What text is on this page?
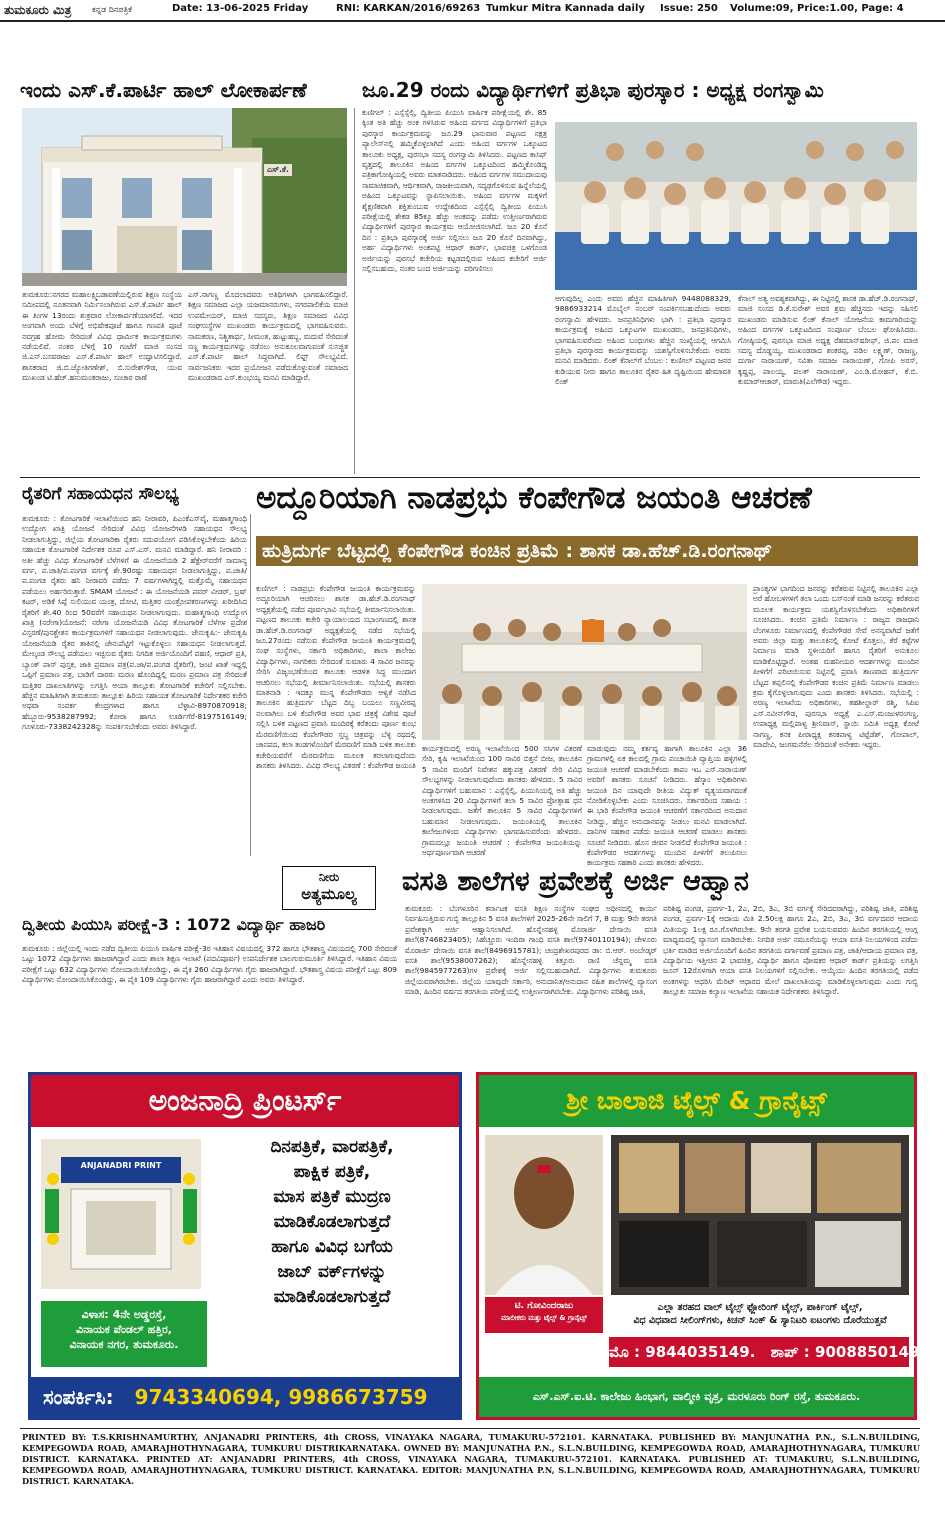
ತುಮಕೂರು ಮಿತ್ರ	ಕನ್ನಡ ದಿನಪತ್ರಿಕೆ	Date: 13-06-2025 Friday	RNI: KARKAN/2016/69263 Tumkur Mitra Kannada daily Issue: 250 Volume:09, Price:1.00, Page: 4
ಇಂದು ಎಸ್.ಕೆ.ಪಾರ್ಟಿ ಹಾಲ್ ಲೋಕಾರ್ಪಣೆ	ಜೂ.29 ರಂದು ವಿದ್ಯಾರ್ಥಿಗಳಿಗೆ ಪ್ರತಿಭಾ ಪುರಸ್ಕಾರ : ಅಧ್ಯಕ್ಷ ರಂಗಸ್ವಾಮಿ
ಎಸ್.ಕೆ.
ತುಮಕೂರು:ನಗರದ ಮಹಾಲಕ್ಷ್ಮಿಬಡಾವಣೆಯಲ್ಲಿರುವ ಶಿಕ್ಷಣ ಸಂಸ್ಥೆಯ ಸಮೀಪದಲ್ಲಿ ನೂತನವಾಗಿ ನಿರ್ಮಿಸಲಾಗಿರುವ ಎಸ್.ಕೆ.ಪಾರ್ಟಿ ಹಾಲ್ ಈ ತಿಂಗಳ 13ರಂದು ಶುಕ್ರವಾರ ಲೋಕಾರ್ಪಣೆಯಾಗಲಿದೆ. ಇದರ ಅಂಗವಾಗಿ ಅಂದು ಬೆಳಿಗ್ಗೆ ಅಭಿಷೇಕಪೂಜೆ ಹಾಗೂ ಗಣಪತಿ ಪೂಜೆ ನವಗ್ರಹ ಹೋಮ ಸೇರಿದಂತೆ ವಿವಿಧ ಧಾರ್ಮಿಕ ಕಾರ್ಯಕ್ರಮಗಳು ನಡೆಯಲಿವೆ. ನಂತರ ಬೆಳಿಗ್ಗೆ 10 ಗಂಟೆಗೆ ಮಾಜಿ ಸಂಸದ ಜಿ.ಎಸ್.ಬಸವರಾಜು ಎಸ್.ಕೆ.ಪಾರ್ಟಿ ಹಾಲ್ ಉದ್ಘಾಟಿಸಲಿದ್ದಾರೆ. ಶಾಸಕರಾದ ಜಿ.ಬಿ.ಜ್ಯೋತಿಗಣೇಶ್, ಬಿ.ಸುರೇಶ್‌ಗೌಡ, ಯುವ ಮುಖಂಡ ಟಿ.ಹೆಚ್.ಹನುಮಂತರಾಜು, ಸಂಚಾರ ಠಾಣೆ
ಎಸ್.ನಾಗಣ್ಣ ಮೊದಲಾದವರು ಅತಿಥಿಗಳಾಗಿ ಭಾಗವಹಿಸಲಿದ್ದಾರೆ. ಶಿಕ್ಷಣ ಸಮಾಜದ ಎಲ್ಲಾ ಯಜಮಾನರುಗಳು, ನಗರಪಾಲಿಕೆಯ ಮಾಜಿ ಉಪಮೇಯರ್, ಮಾಜಿ ಸದಸ್ಯರು, ಶಿಕ್ಷಣ ಸಮಾಜದ ವಿವಿಧ ಸಂಘಸಂಸ್ಥೆಗಳ ಮುಖಂಡರು ಕಾರ್ಯಕ್ರಮದಲ್ಲಿ ಭಾಗವಹಿಸುವರು. ನಾಮಕರಣ, ನಿಶ್ಚಿತಾರ್ಥ, ಸೀಮಂತ, ಹುಟ್ಟುಹಬ್ಬ, ಮದುವೆ ಸೇರಿದಂತೆ ಸಣ್ಣ ಕಾರ್ಯಕ್ರಮಗಳನ್ನು ನಡೆಸಲು ಅನುಕೂಲವಾಗುವಂತೆ ಸುಸಜ್ಜಿತ ಎಸ್.ಕೆ.ಪಾರ್ಟಿ ಹಾಲ್ ಸಿದ್ಧವಾಗಿದೆ. ಲಿಫ್ಟ್ ಸೌಲಭ್ಯವಿದೆ. ಸಾರ್ವಜನಿಕರು ಇದರ ಪ್ರಯೋಜನ ಪಡೆದುಕೊಳ್ಳುವಂತೆ ಸಮಾಜದ ಮುಖಂಡರಾದ ಎಸ್.ಕುಂಭಯ್ಯ ಮನವಿ ಮಾಡಿದ್ದಾರೆ.
ಕುಣಿಗಲ್ : ಎಸ್ಸೆಸ್ಸೆಲ್ಸಿ, ದ್ವಿತೀಯ ಪಿಯುಸಿ ವಾರ್ಷಿಕ ಪರೀಕ್ಷೆಯಲ್ಲಿ ಶೇ. 85 ಕ್ಕಿಂತ ಅತಿ ಹೆಚ್ಚು ಅಂಕ ಗಳಿಸಿರುವ ಅಹಿಂದ ವರ್ಗದ ವಿದ್ಯಾರ್ಥಿಗಳಿಗೆ ಪ್ರತಿಭಾ ಪುರಸ್ಕಾರ ಕಾರ್ಯಕ್ರಮವನ್ನು ಜೂ.29 ಭಾನುವಾರ ಪಟ್ಟಣದ ನಕ್ಷತ್ರ ಪ್ಯಾಲೇಸ್‌ನಲ್ಲಿ ಹಮ್ಮಿಕೊಳ್ಳಲಾಗಿದೆ ಎಂದು ಅಹಿಂದ ವರ್ಗಗಳ ಒಕ್ಕೂಟದ ತಾಲೂಕು ಅಧ್ಯಕ್ಷ, ಪುರಸಭಾ ಸದಸ್ಯ ರಂಗಸ್ವಾಮಿ ತಿಳಿಸಿದರು. ಪಟ್ಟಣದ ಕಾಸಿಫ್ ವೃತ್ತದಲ್ಲಿ ತಾಲೂಕಿನ ಅಹಿಂದ ವರ್ಗಗಳ ಒಕ್ಕೂಟದಿಂದ ಹಮ್ಮಿಕೊಂಡಿದ್ದ ಪತ್ರಿಕಾಗೋಷ್ಠಿಯಲ್ಲಿ ಅವರು ಮಾತನಾಡಿದರು. ಅಹಿಂದ ವರ್ಗಗಳ ಸಮುದಾಯವು ಸಾಮಾಜಿಕವಾಗಿ, ಆರ್ಥಿಕವಾಗಿ, ರಾಜಕೀಯವಾಗಿ, ಸದೃಢಗೊಳಿಸುವ ಹಿನ್ನೆಲೆಯಲ್ಲಿ ಅಹಿಂದ ಒಕ್ಕೂಟವನ್ನು ಸ್ಥಾಪಿಸಲಾಯಿತು. ಅಹಿಂದ ವರ್ಗಗಳ ಮಕ್ಕಳಿಗೆ ಶೈಕ್ಷಣಿಕವಾಗಿ ಶಕ್ತಿತುಂಬುವ ಉದ್ದೇಶದಿಂದ ಎಸ್ಸೆಸ್ಸೆಲ್ಸಿ ದ್ವಿತೀಯ ಪಿಯುಸಿ ಪರೀಕ್ಷೆಯಲ್ಲಿ ಶೇಕಡ 85ಕ್ಕೂ ಹೆಚ್ಚು ಅಂಕವನ್ನು ಪಡೆದು ಉತ್ತೀರ್ಣರಾಗಿರುವ ವಿದ್ಯಾರ್ಥಿಗಳಿಗೆ ಪುರಸ್ಕಾರ ಕಾರ್ಯಕ್ರಮ ಆಯೋಜಿಸಲಾಗಿದೆ. ಜೂ 20 ಕೊನೆ ದಿನ : ಪ್ರತಿಭಾ ಪುರಸ್ಕಾರಕ್ಕೆ ಅರ್ಜಿ ಸಲ್ಲಿಸಲು ಜೂ 20 ಕೊನೆ ದಿನವಾಗಿದ್ದು, ಅರ್ಹ ವಿದ್ಯಾರ್ಥಿಗಳು ಅಂಕಪಟ್ಟಿ ಆಧಾರ್ ಕಾರ್ಡ್, ಭಾವಚಿತ್ರ ಒಳಗೊಂಡ ಅರ್ಜಿಯನ್ನು ಪುರಸಭೆ ಕಚೇರಿಯ ಕಟ್ಟಡದಲ್ಲಿರುವ ಅಹಿಂದ ಕಚೇರಿಗೆ ಅರ್ಜಿ ಸಲ್ಲಿಸಬಹುದು, ನಂತರ ಬಂದ ಅರ್ಜಿಯನ್ನು ಪರಿಗಣಿಸಲು
ಆಗುವುದಿಲ್ಲ ಎಂದು ಅವರು ಹೆಚ್ಚಿನ ಮಾಹಿತಿಗಾಗಿ 9448088329, 9886933214 ಮೊಬೈಲ್ ನಂಬರ್ ಸಂಪರ್ಕಿಸಬಹುದೆಂದು ಅವರು ರಂಗಸ್ವಾಮಿ ಹೇಳಿದರು. ಜನಪ್ರತಿನಿಧಿಗಳು ಭಾಗಿ : ಪ್ರತಿಭಾ ಪುರಸ್ಕಾರ ಕಾರ್ಯಕ್ರಮಕ್ಕೆ ಅಹಿಂದ ಒಕ್ಕೂಟಗಳ ಮುಖಂಡರು, ಜನಪ್ರತಿನಿಧಿಗಳು, ಭಾಗವಹಿಸುವರೆಂದು ಅಹಿಂದ ಬಂಧುಗಳು ಹೆಚ್ಚಿನ ಸಂಖ್ಯೆಯಲ್ಲಿ ಆಗಮಿಸಿ ಪ್ರತಿಭಾ ಪುರಸ್ಕಾರದ ಕಾರ್ಯಕ್ರಮವನ್ನು ಯಶಸ್ವಿಗೊಳಿಸಬೇಕೆಂದು ಅವರು ಮನವಿ ಮಾಡಿದರು. ಲಿಂಕ್ ಕೆನಾಲ್‌ಗೆ ಬೆಂಬಲ : ಕುಣಿಗಲ್ ಪಟ್ಟಣದ ಜನರ ಕುಡಿಯುವ ನೀರು ಹಾಗೂ ತಾಲೂಕಿನ ರೈತರ ಹಿತ ದೃಷ್ಟಿಯಿಂದ ಹೇಮಾವತಿ ಲಿಂಕ್
ಕೆನಾಲ್ ಅತ್ಯ ಅವಶ್ಯಕವಾಗಿದ್ದು, ಈ ನಿಟ್ಟಿನಲ್ಲಿ ಶಾಸಕ ಡಾ.ಹೆಚ್.ಡಿ.ರಂಗನಾಥ್, ಮಾಜಿ ಸಂಸದ ಡಿ.ಕೆ.ಸುರೇಶ್ ಅವರ ಶ್ರಮ ಹೆಚ್ಚಿನದು ಇದನ್ನು ಸಹಿಸಲಿ ಮುಖಂಡರು ಮಾಡಿಸುವ ಲಿಂಕ್ ಕೆನಾಲ್ ಯೋಜನೆಯ ಕಾಮಗಾರಿಯನ್ನು ಅಹಿಂದ ವರ್ಗಗಳ ಒಕ್ಕೂಟದಿಂದ ಸಂಪೂರ್ಣ ಬೆಂಬಲ ಘೋಷಿಸಿದರು. ಗೋಷ್ಠಿಯಲ್ಲಿ ಪುರಸಭಾ ಮಾಜಿ ಅಧ್ಯಕ್ಷ ರೆಹಮಾನ್‌ಷರೀಫ್, ಜಿ.ಪಂ ಮಾಜಿ ಸದಸ್ಯ ದೊಡ್ಡಯ್ಯ, ಮುಖಂಡರಾದ ಶಂಕರಪ್ಪ, ಪಡಿಲ ಲಕ್ಷ್ಮಣ್, ರಾಜಣ್ಣ, ದುರ್ಗಾ ನಾರಾಯಣ್, ಸವಿತಾ ಸಮಾಜ ನಾರಾಯಣ್, ಗೋಪಿ ಅರಸ್, ಕೃಷ್ಣಪ್ಪ, ಪಾಲಯ್ಯ, ಪಲತ್ ನಾರಾಯಣ್, ಎಂ.ಡಿ.ಮೋಹನ್, ಕೆ.ಬಿ. ಕುಮಾರ್‌ಆಚಾರ್, ಮಾರುತಿ(ಎಲೆಗೌಡ) ಇದ್ದರು.
ರೈತರಿಗೆ ಸಹಾಯಧನ ಸೌಲಭ್ಯ	ಅದ್ದೂರಿಯಾಗಿ ನಾಡಪ್ರಭು ಕೆಂಪೇಗೌಡ ಜಯಂತಿ ಆಚರಣೆ
ತುಮಕೂರು : ತೋಟಗಾರಿಕೆ ಇಲಾಖೆಯಿಂದ ಹನಿ ನೀರಾವರಿ, ಪಿಎಂಕೆಎಸ್‌ವೈ, ಮಹಾತ್ಮಗಾಂಧಿ ಉದ್ಯೋಗ ಖಾತ್ರಿ ಯೋಜನೆ ಸೇರಿದಂತೆ ವಿವಿಧ ಯೋಜನೆಗಳಡಿ ಸಹಾಯಧನ ಸೌಲಭ್ಯ ನೀಡಲಾಗುತ್ತಿದ್ದು, ಜಿಲ್ಲೆಯ ತೋಟಗಾರಿಕಾ ರೈತರು ಸದುಪಯೋಗ ಪಡಿಸಿಕೊಳ್ಳಬೇಕೆಂದು ಹಿರಿಯ ಸಹಾಯಕ ತೋಟಗಾರಿಕೆ ನಿರ್ದೇಶಕ ರೂಪ ಎಸ್.ಎಸ್. ಮನವಿ ಮಾಡಿದ್ದಾರೆ. ಹನಿ ನೀರಾವರಿ : ಅತೀ ಹೆಚ್ಚು ವಿವಿಧ ತೋಟಗಾರಿಕೆ ಬೆಳೆಗಳಿಗೆ ಈ ಯೋಜನೆಯಡಿ 2 ಹೆಕ್ಟೇರ್‌ವರೆಗೆ ಸಾಮಾನ್ಯ ವರ್ಗ, ಪ.ಜಾತಿ/ಪ.ಪಂಗಡ ವರ್ಗಕ್ಕೆ ಶೇ.90ರಷ್ಟು ಸಹಾಯಧನ ನೀಡಲಾಗುತ್ತಿದ್ದು, ಪ.ಜಾತಿ/ಪ.ಪಂಗಡ ರೈತರು ಹನಿ ನೀರಾವರಿ ಪಡೆದು 7 ವರ್ಷಗಳಾಗಿದ್ದಲ್ಲಿ ಮತ್ತೊಮ್ಮೆ ಸಹಾಯಧನ ಪಡೆಯಲು ಅರ್ಹರಿರುತ್ತಾರೆ. SMAM ಯೋಜನೆ : ಈ ಯೋಜನೆಯಡಿ ಪವರ್ ವೀಡರ್, ಬ್ರಷ್ ಕಟರ್, ಅಡಿಕೆ ಸಿಪ್ಪೆ ಸುಲಿಯುವ ಯಂತ್ರ, ದೋಟಿ, ಮತ್ತಿತರ ಯಂತ್ರೋಪಕರಣಗಳನ್ನು ಖರೀದಿಸಿದ ರೈತರಿಗೆ ಶೇ.40 ರಿಂದ 50ವರೆಗೆ ಸಹಾಯಧನ ನೀಡಲಾಗುವುದು. ಮಹಾತ್ಮಗಾಂಧಿ ಉದ್ಯೋಗ ಖಾತ್ರಿ (ನರೇಗಾ)ಯೋಜನೆ: ನರೇಗಾ ಯೋಜನೆಯಡಿ ವಿವಿಧ ತೋಟಗಾರಿಕೆ ಬೆಳೆಗಳ ಪ್ರದೇಶ ವಿಸ್ತರಣೆ/ಪುನಶ್ಚೇತನ ಕಾರ್ಯಕ್ರಮಗಳಿಗೆ ಸಹಾಯಧನ ನೀಡಲಾಗುವುದು. ಜೇನುಕೃಷಿ:- ಜೇನುಕೃಷಿ ಯೋಜನೆಯಡಿ ರೈತರ ತಾಕಿನಲ್ಲಿ ಜೇನುಪೆಟ್ಟಿಗೆ ಇಟ್ಟುಕೊಳ್ಳಲು ಸಹಾಯಧನ ನೀಡಲಾಗುತ್ತದೆ. ಮೇಲ್ಕಂಡ ಸೌಲಭ್ಯ ಪಡೆಯಲು ಇಚ್ಛಿಸುವ ರೈತರು ನಿಗದಿತ ಅರ್ಜಿಯೊಂದಿಗೆ ಪಹಣಿ, ಆಧಾರ್ ಪ್ರತಿ, ಬ್ಯಾಂಕ್ ಪಾಸ್ ಪುಸ್ತಕ, ಜಾತಿ ಪ್ರಮಾಣ ಪತ್ರ(ಪ.ಜಾ/ಪ.ಪಂಗಡ ರೈತರಿಗೆ), ಜಂಟಿ ಖಾತೆ ಇದ್ದಲ್ಲಿ ಒಪ್ಪಿಗೆ ಪ್ರಮಾಣ ಪತ್ರ, ಬಾಡಿಗೆ ದಾರರು ಮರಣ ಹೊಂದಿದ್ದಲ್ಲಿ ಮರಣ ಪ್ರಮಾಣ ಪತ್ರ ಸೇರಿದಂತೆ ಮತ್ತಿತರ ದಾಖಲಾತಿಗಳನ್ನು ಲಗತ್ತಿಸಿ ಆಯಾ ತಾಲ್ಲೂಕು ತೋಟಗಾರಿಕೆ ಕಚೇರಿಗೆ ಸಲ್ಲಿಸಬೇಕು. ಹೆಚ್ಚಿನ ಮಾಹಿತಿಗಾಗಿ ತುಮಕೂರು ತಾಲ್ಲೂಕು ಹಿರಿಯ ಸಹಾಯಕ ತೋಟಗಾರಿಕೆ ನಿರ್ದೇಶಕರ ಕಚೇರಿ ಅಥವಾ ಸಂಪರ್ಕ ಕೇಂದ್ರಗಳಾದ ಹಾಗೂ ಬೆಳ್ಳಾವಿ-8970870918; ಹೆಬ್ಬೂರು-9538287992; ಕೋರಾ ಹಾಗೂ ಊರ್ಡಿಗೆರೆ-8197516149; ಗೂಳೂರು-7338242328ನ್ನು ಸಂಪರ್ಕಿಸಬೇಕೆಂದು ಅವರು ತಿಳಿಸಿದ್ದಾರೆ.
ಹುತ್ರಿದುರ್ಗ ಬೆಟ್ಟದಲ್ಲಿ ಕೆಂಪೇಗೌಡ ಕಂಚಿನ ಪ್ರತಿಮೆ : ಶಾಸಕ ಡಾ.ಹೆಚ್.ಡಿ.ರಂಗನಾಥ್
ಕುಣಿಗಲ್ : ನಾಡಪ್ರಭು ಕೆಂಪೇಗೌಡ ಜಯಂತಿ ಕಾರ್ಯಕ್ರಮವನ್ನು ಅದ್ದೂರಿಯಾಗಿ ಆಚರಿಸಲು ಶಾಸಕ ಡಾ.ಹೆಚ್.ಡಿ.ರಂಗನಾಥ್ ಅಧ್ಯಕ್ಷತೆಯಲ್ಲಿ ನಡೆದ ಪೂರ್ವಭಾವಿ ಸಭೆಯಲ್ಲಿ ತೀರ್ಮಾನಿಸಲಾಯಿತು. ಪಟ್ಟಣದ ತಾಲೂಕು ಕಚೇರಿ ನ್ಯಾಯಾಲಯದ ಸಭಾಂಗಣದಲ್ಲಿ ಶಾಸಕ ಡಾ.ಹೆಚ್.ಡಿ.ರಂಗನಾಥ್ ಅಧ್ಯಕ್ಷತೆಯಲ್ಲಿ ನಡೆದ ಸಭೆಯಲ್ಲಿ ಜೂ.27ರಂದು ನಡೆಸುವ ಕೆಂಪೇಗೌಡ ಜಯಂತಿ ಕಾರ್ಯಕ್ರಮದಲ್ಲಿ ಸಂಘ ಸಂಸ್ಥೆಗಳು, ಸರ್ಕಾರಿ ಅಧಿಕಾರಿಗಳು, ಶಾಲಾ ಕಾಲೇಜು ವಿದ್ಯಾರ್ಥಿಗಳು, ನಾಗರಿಕರು ಸೇರಿದಂತೆ ಸುಮಾರು 4 ಸಾವಿರ ಜನರನ್ನು ಸೇರಿಸಿ ವಿಜೃಂಭಣೆಯಿಂದ ತಾಲೂಕು ಆಡಳಿತ ಸಿದ್ಧ ಮುಂದಾಗ ಆಚರಿಸಲು ಸಭೆಯಲ್ಲಿ ತೀರ್ಮಾನಿಸಲಾಯಿತು. ಸಭೆಯಲ್ಲಿ ಶಾಸಕರು ಮಾತನಾಡಿ : ಇದಕ್ಕೂ ಮುನ್ನ ಕೆಂಪೇಗೌಡರು ಆಳ್ವಿಕೆ ನಡೆಸಿದ ತಾಲೂಕಿನ ಹುತ್ರಿದುರ್ಗ ಬೆಟ್ಟದ ದಿಬ್ಬ ಬಯಲು ಸಣ್ಣವೀರಪ್ಪ ನಲವಾಗಿಲು ಬಳಿ ಕೆಂಪೇಗೌಡ ಅವರ ಭಾವ ಚಿತ್ರಕ್ಕೆ ವಿಶೇಷ ಪೂಜೆ ಸಲ್ಲಿಸಿ ಬಳಿಕ ಪಟ್ಟಣದ ಪ್ರವಾಸಿ ಮಂದಿರಕ್ಕೆ ಕರೆತಂದು ಪೂರ್ಣ ಕುಂಭ ಮೆರವಣಿಗೆಯಿಂದ ಕೆಂಪೇಗೌಡರ ಸ್ತಬ್ಧ ಚಿತ್ರವನ್ನು ಬೆಳ್ಳಿ ರಥದಲ್ಲಿ ಜಾನಪದ, ಕಲಾ ತಂಡಗಳೊಂದಿಗೆ ಮೆರವಣಿಗೆ ಮಾಡಿ ಬಳಿಕ ತಾಲೂಕು ಕಚೇರಿಯವರೆಗೆ ಮೆರವಣಿಗೆಯ ಮೂಲಕ ತರಲಾಗುವುದೆಂದು ಶಾಸಕರು ತಿಳಿಸಿದರು. ವಿವಿಧ ಸೌಲಭ್ಯ ವಿತರಣೆ : ಕೆಂಪೇಗೌಡ ಜಯಂತಿ
ಕಾರ್ಯಕ್ರಮದಲ್ಲಿ ಅರಣ್ಯ ಇಲಾಖೆಯಿಂದ 500 ಸಸಿಗಳ ವಿತರಣೆ ಸೇರಿ, ಕೃಷಿ ಇಲಾಖೆಯಿಂದ 100 ಸಾವಿರ ಬಿತ್ತನೆ ಬೀಜ, ತಾಲೂಕಿನ 5 ಸಾವಿರ ಮಂದಿಗೆ ನಿವೇಶನ ಹಕ್ಕುಪತ್ರ ವಿತರಣೆ ಸೇರಿ ವಿವಿಧ ಸೌಲಭ್ಯಗಳನ್ನು ನೀಡಲಾಗುವುದೆಂದು ಶಾಸಕರು ಹೇಳಿದರು. 5 ಸಾವಿರ ವಿದ್ಯಾರ್ಥಿಗಳಿಗೆ ಬಹುಮಾನ : ಎಸ್ಸೆಸ್ಸೆಲ್ಸಿ, ಪಿಯುಸಿಯಲ್ಲಿ ಅತಿ ಹೆಚ್ಚು ಅಂಕಗಳಿಸಿದ 20 ವಿದ್ಯಾರ್ಥಿಗಳಿಗೆ ತಲಾ 5 ಸಾವಿರ ಪ್ರೋತ್ಸಾಹ ಧನ ನೀಡಲಾಗುವುದು. ಜತೆಗೆ ತಾಲೂಕಿನ 5 ಸಾವಿರ ವಿದ್ಯಾರ್ಥಿಗಳಿಗೆ ಬಹುಮಾನ ನೀಡಲಾಗುವುದು. ಜಯಂತಿಯಲ್ಲಿ ತಾಲೂಕಿನ ಕಾಲೇಜುಗಳಿಂದ ವಿದ್ಯಾರ್ಥಿಗಳು ಭಾಗವಹಿಸುವರೆಂದು ಹೇಳಿದರು. ಗ್ರಾಮದಲ್ಲೂ ಜಯಂತಿ ಆಚರಣೆ : ಕೆಂಪೇಗೌಡ ಜಯಂತಿಯನ್ನು ಅರ್ಥಪೂರ್ಣವಾಗಿ ಆಚರಣೆ
ಮಾಡುವುದು ನಮ್ಮ ಕರ್ತವ್ಯ ಹಾಗಾಗಿ ತಾಲೂಕಿನ ಎಲ್ಲಾ 36 ಗ್ರಾಮಗಳಲ್ಲಿ ಏಕ ಕಾಲದಲ್ಲಿ ಗ್ರಾಮ ಪಂಚಾಯಿತಿ ವ್ಯಾಪ್ತಿಯ ಹಳ್ಳಿಗಳಲ್ಲಿ ಜಯಂತಿ ಆಚರಣೆ ಮಾಡಬೇಕೆಂದು ತಾಪಂ ಇಒ ಎಸ್.ನಾರಾಯಣ್ ಅವರಿಗೆ ಶಾಸಕರು ಸೂಚನೆ ನೀಡಿದರು. ಹೆಸ್ಕಾಂ ಅಧಿಕಾರಿಗಳು ಜಯಂತಿ ದಿನ ಯಾವುದೇ ರೀತಿಯ ವಿದ್ಯುತ್ ವ್ಯತ್ಯಯವಾಗದಂತೆ ನೋಡಿಕೊಳ್ಳಬೇಕು ಎಂದು ಸೂಚಿಸಿದರು. ಸರ್ಕಾರದಿಂದ ಸಹಾಯ : ಈ ಭಾರಿ ಕೆಂಪೇಗೌಡ ಜಯಂತಿ ಆಚರಣೆಗೆ ಸರ್ಕಾರದಿಂದ ಅನುದಾನ ನೀಡಿದ್ದು, ಹೆಚ್ಚಿನ ಅನುದಾನವನ್ನು ನೀಡಲು ಮನವಿ ಮಾಡಲಾಗಿದೆ. ದಾನಿಗಳ ಸಹಕಾರ ಪಡೆದು ಜಯಂತಿ ಆಚರಣೆ ಮಾಡಲು ಶಾಸಕರು ಸೂಚನೆ ನೀಡಿದರು. ಹೊಸ ಜೀವನ ನೀಡಲಿದೆ ಕೆಂಪೇಗೌಡ ಜಯಂತಿ : ಕೆಂಪೇಗೌಡರ ಆದರ್ಶಗಳನ್ನು ಮುಂದಿನ ಪೀಳಿಗೆಗೆ ತಲುಪಿಸಲು ಕಾರ್ಯಕ್ರಮ ಸಹಕಾರಿ ಎಂದು ಶಾಸಕರು ಹೇಳಿದರು.
ಪ್ರಾಂತ್ಯಗಳ ಭಾಗದಿಂದ ಜನರನ್ನು ಕರೆತರುವ ನಿಟ್ಟಿನಲ್ಲಿ ತಾಲೂಕಿನ ಎಲ್ಲಾ ಅರೆ ಹೋಬಳಿಗಳಿಗೆ ತಲಾ ಒಂದು ಬಸ್‌ನಂತೆ ಮಾಡಿ ಜನರನ್ನು ಕರೆತರುವ ಮೂಲಕ ಕಾರ್ಯಕ್ರಮ ಯಶಸ್ವಿಗೊಳಿಸಬೇಕೆಂದು ಅಧಿಕಾರಿಗಳಿಗೆ ಸೂಚಿಸಿದರು. ಕಂಚಿನ ಪ್ರತಿಮೆ ನಿರ್ಮಾಣ : ರಾಜ್ಯದ ರಾಜಧಾನಿ ಬೆಂಗಳೂರು ನಿರ್ಮಾಣದಲ್ಲಿ ಕೆಂಪೇಗೌಡರ ಸೇವೆ ಅನನ್ಯವಾಗಿದೆ ಜತೆಗೆ ಅವರು ಜಿಲ್ಲಾ ಮತ್ತು ತಾಲೂಕಿನಲ್ಲಿ ಕೋಟೆ ಕೊತ್ತಲು, ಕೆರೆ ಕಟ್ಟೆಗಳ ನಿರ್ಮಾಣ ಮಾಡಿ ಸ್ಥಳೀಯರಿಗೆ ಹಾಗೂ ರೈತರಿಗೆ ಅನುಕೂಲ ಮಾಡಿಕೊಟ್ಟಿದ್ದಾರೆ. ಅಂತಹ ಮಹನೀಯರ ಆದರ್ಶಗಳನ್ನು ಮುಂದಿನ ಪೀಳಿಗೆಗೆ ಪರಿಚಯಿಸುವ ನಿಟ್ಟಿನಲ್ಲಿ ಪ್ರವಾಸಿ ತಾಣವಾದ ಹುತ್ರಿದುರ್ಗ ಬೆಟ್ಟದ ತಪ್ಪಲಿನಲ್ಲಿ ಕೆಂಪೇಗೌಡರ ಕಂಚಿನ ಪ್ರತಿಮೆ ನಿರ್ಮಾಣ ಮಾಡಲು ಕ್ರಮ ಕೈಗೊಳ್ಳಲಾಗುವುದು ಎಂದು ಶಾಸಕರು ತಿಳಿಸಿದರು. ಸಭೆಯಲ್ಲಿ : ಅರಣ್ಯ ಇಲಾಖೆಯ ಅಧಿಕಾರಿಗಳು, ತಹಶೀಲ್ದಾರ್ ರಶ್ಮಿ, ಸಿಪಿಐ ಎಸ್.ನವೀನ್‌ಗೌಡ, ಪುರಸಭಾ ಅಧ್ಯಕ್ಷೆ ಎ.ಎಸ್.ಮಂಜುಳರಂಗಣ್ಣ, ಉಪಾಧ್ಯಕ್ಷ ಮಲ್ಲಿಪಾಳ್ಯ ಶ್ರೀನಿವಾಸ್, ಸ್ಥಾಯಿ ಸಮಿತಿ ಅಧ್ಯಕ್ಷ ಕೋಟೆ ನಾಗಣ್ಣ, ಕನಕ ಪೀಠಾಧ್ಯಕ್ಷ ಕನಕಪಾಳ್ಯ ಟಿಟ್ಟೆಡೆಶ್, ಗೋಪಾಲ್, ಮಾದೇವಿ, ಜಂಗಮನೆರೆಲ ಸೇರಿದಂತೆ ಅನೇಕರು ಇದ್ದರು.
ನೀರು
ಅತ್ಯಮೂಲ್ಯ	ವಸತಿ ಶಾಲೆಗಳ ಪ್ರವೇಶಕ್ಕೆ ಅರ್ಜಿ ಆಹ್ವಾನ
ದ್ವಿತೀಯ ಪಿಯುಸಿ ಪರೀಕ್ಷೆ-3 : 1072 ವಿದ್ಯಾರ್ಥಿ ಹಾಜರಿ
ತುಮಕೂರು : ಜಿಲ್ಲೆಯಲ್ಲಿ ಇಂದು ನಡೆದ ದ್ವಿತೀಯ ಪಿಯುಸಿ ವಾರ್ಷಿಕ ಪರೀಕ್ಷೆ-3ರ ಇತಿಹಾಸ ವಿಷಯದಲ್ಲಿ 372 ಹಾಗೂ ಭೌತಶಾಸ್ತ್ರ ವಿಷಯದಲ್ಲಿ 700 ಸೇರಿದಂತೆ ಒಟ್ಟು 1072 ವಿದ್ಯಾರ್ಥಿಗಳು ಹಾಜರಾಗಿದ್ದಾರೆ ಎಂದು ಶಾಲಾ ಶಿಕ್ಷಣ ಇಲಾಖೆ (ಪದವಿಪೂರ್ವ) ಉಪನಿರ್ದೇಶಕ ಬಾಲಗುರುಮೂರ್ತಿ ತಿಳಿಸಿದ್ದಾರೆ. ಇತಿಹಾಸ ವಿಷಯ ಪರೀಕ್ಷೆಗೆ ಒಟ್ಟು 632 ವಿದ್ಯಾರ್ಥಿಗಳು ನೋಂದಾಯಿಸಿಕೊಂಡಿದ್ದು, ಈ ಪೈಕಿ 260 ವಿದ್ಯಾರ್ಥಿಗಳು ಗೈರು ಹಾಜರಾಗಿದ್ದಾರೆ. ಭೌತಶಾಸ್ತ್ರ ವಿಷಯ ಪರೀಕ್ಷೆಗೆ ಒಟ್ಟು 809 ವಿದ್ಯಾರ್ಥಿಗಳು ನೋಂದಾಯಿಸಿಕೊಂಡಿದ್ದು, ಈ ಪೈಕಿ 109 ವಿದ್ಯಾರ್ಥಿಗಳು ಗೈರು ಹಾಜರಾಗಿದ್ದಾರೆ ಎಂದು ಅವರು ತಿಳಿಸಿದ್ದಾರೆ.
ತುಮಕೂರು : ಬೆಂಗಳೂರಿನ ಕರ್ನಾಟಕ ವಸತಿ ಶಿಕ್ಷಣ ಸಂಸ್ಥೆಗಳ ಸಂಘದ ಅಧೀನದಲ್ಲಿ ಕಾರ್ಯ ನಿರ್ವಹಿಸುತ್ತಿರುವ ಗುಬ್ಬಿ ತಾಲ್ಲೂಕಿನ 5 ವಸತಿ ಶಾಲೆಗಳಿಗೆ 2025-26ನೇ ಸಾಲಿಗೆ 7, 8 ಮತ್ತು 9ನೇ ತರಗತಿ ಪ್ರವೇಶಕ್ಕಾಗಿ ಅರ್ಜಿ ಆಹ್ವಾನಿಸಲಾಗಿದೆ. ಹೊನ್ನೇನಹಳ್ಳಿ ಮೊರಾರ್ಜಿ ದೇಸಾಯಿ ವಸತಿ ಶಾಲೆ(8746823405); ಸಿಹೆಚ್ಚೂರು ಇಂದಿರಾ ಗಾಂಧಿ ವಸತಿ ಶಾಲೆ(9740110194); ಚೇಳೂರು ಮೊರಾರ್ಜಿ ದೇಸಾಯಿ ವಸತಿ ಶಾಲೆ(8496915781); ಚಂದ್ರಶೇಖರಪುರದ ಡಾ: ಬಿ.ಆರ್. ಅಂಬೇಡ್ಕರ್ ವಸತಿ ಶಾಲೆ(9538007262); ಹೊನ್ನೇನಹಳ್ಳಿ ಕಿತ್ತೂರು ರಾಣಿ ಚೆನ್ನಮ್ಮ ವಸತಿ ಶಾಲೆ(9845977263)ಗಳ ಪ್ರವೇಶಕ್ಕೆ ಅರ್ಜಿ ಸಲ್ಲಿಸಬಹುದಾಗಿದೆ. ವಿದ್ಯಾರ್ಥಿಗಳು ತುಮಕೂರು ಜಿಲ್ಲೆಯವರಾಗಿರಬೇಕು. ಜಿಲ್ಲೆಯ ಯಾವುದೇ ಸರ್ಕಾರಿ, ಅನುದಾನಿತ/ಅನುದಾನ ರಹಿತ ಶಾಲೆಗಳಲ್ಲಿ ವ್ಯಾಸಂಗ ಮಾಡಿ, ಹಿಂದಿನ ವರ್ಷದ ತರಗತಿಯ ಪರೀಕ್ಷೆಯಲ್ಲಿ ಉತ್ತೀರ್ಣರಾಗಿರಬೇಕು. ವಿದ್ಯಾರ್ಥಿಗಳು ಪರಿಶಿಷ್ಟ ಜಾತಿ,
ಪರಿಶಿಷ್ಟ ಪಂಗಡ, ಪ್ರವರ್ಗ-1, 2ಎ, 2ಬಿ, 3ಎ, 3ಬಿ ವರ್ಗಕ್ಕೆ ಸೇರಿದವರಾಗಿದ್ದು, ಪರಿಶಿಷ್ಟ ಜಾತಿ, ಪರಿಶಿಷ್ಟ ಪಂಗಡ, ಪ್ರವರ್ಗ-1ಕ್ಕೆ ಆದಾಯ ಮಿತಿ 2.50ಲಕ್ಷ ಹಾಗೂ 2ಎ, 2ಬಿ, 3ಎ, 3ಬಿ ವರ್ಗದವರ ಆದಾಯ ಮಿತಿಯನ್ನು 1ಲಕ್ಷ ರೂ.ಗೊಳಗಿರಬೇಕು. 9ನೇ ತರಗತಿ ಪ್ರವೇಶ ಬಯಸುವವರು ಹಿಂದಿನ ತರಗತಿಯಲ್ಲಿ ಆಂಗ್ಲ ಮಾಧ್ಯಮದಲ್ಲಿ ವ್ಯಾಸಂಗ ಮಾಡಿರಬೇಕು. ನಿಗದಿತ ಅರ್ಜಿ ನಮೂನೆಯನ್ನು ಆಯಾ ವಸತಿ ನಿಲಯಗಳಿಂದ ಪಡೆದು ಭರ್ತಿ ಮಾಡಿದ ಅರ್ಜಿಯೊಂದಿಗೆ ಹಿಂದಿನ ತರಗತಿಯ ವರ್ಗಾವಣೆ ಪ್ರಮಾಣ ಪತ್ರ, ಜಾತಿ/ಆದಾಯ ಪ್ರಮಾಣ ಪತ್ರ, ವಿದ್ಯಾರ್ಥಿಯ ಇತ್ತೀಚಿನ 2 ಭಾವಚಿತ್ರ, ವಿದ್ಯಾರ್ಥಿ ಹಾಗೂ ಪೋಷಕರ ಆಧಾರ್ ಕಾರ್ಡ್ ಪ್ರತಿಯನ್ನು ಲಗತ್ತಿಸಿ ಜೂನ್ 12ರೊಳಗಾಗಿ ಆಯಾ ವಸತಿ ನಿಲಯಗಳಿಗೆ ಸಲ್ಲಿಸಬೇಕು. ಆಯ್ಕೆಯು ಹಿಂದಿನ ತರಗತಿಯಲ್ಲಿ ಪಡೆದ ಅಂಕಗಳನ್ನು ಆಧರಿಸಿ ಮೆರಿಟ್ ಆಧಾರದ ಮೇಲೆ ದಾಖಲಾತಿಯನ್ನು ಮಾಡಿಕೊಳ್ಳಲಾಗುವುದು ಎಂದು ಗುಬ್ಬಿ ತಾಲ್ಲೂಕು ಸಮಾಜ ಕಲ್ಯಾಣ ಇಲಾಖೆಯ ಸಹಾಯಕ ನಿರ್ದೇಶಕರು ತಿಳಿಸಿದ್ದಾರೆ.
ಅಂಜನಾದ್ರಿ ಪ್ರಿಂಟರ್ಸ್
ANJANADRI PRINT
ದಿನಪತ್ರಿಕೆ, ವಾರಪತ್ರಿಕೆ,
ಪಾಕ್ಷಿಕ ಪತ್ರಿಕೆ,
ಮಾಸ ಪತ್ರಿಕೆ ಮುದ್ರಣ
ಮಾಡಿಕೊಡಲಾಗುತ್ತದೆ
ಹಾಗೂ ವಿವಿಧ ಬಗೆಯ
ಜಾಬ್ ವರ್ಕ್‌ಗಳನ್ನು
ಮಾಡಿಕೊಡಲಾಗುತ್ತದೆ
ವಿಳಾಸ: 4ನೇ ಅಡ್ಡರಸ್ತೆ,
ವಿನಾಯಕ ಪೆಂಡಲ್ ಹತ್ತಿರ,
ವಿನಾಯಕ ನಗರ, ತುಮಕೂರು.
ಸಂಪರ್ಕಿಸಿ: 9743340694, 9986673759
ಶ್ರೀ ಬಾಲಾಜಿ ಟೈಲ್ಸ್ & ಗ್ರಾನೈಟ್ಸ್
ಟಿ. ಗೋವಿಂದರಾಜು
ಮಾಲೀಕರು ಮತ್ತು ಟೈಲ್ಸ್ & ಗ್ರಾನೈಟ್ಸ್
ಎಲ್ಲಾ ತರಹದ ವಾಲ್ ಟೈಲ್ಸ್ ಫ್ಲೋರಿಂಗ್ ಟೈಲ್ಸ್, ಪಾರ್ಕಿಂಗ್ ಟೈಲ್ಸ್,
ವಿಧ ವಿಧವಾದ ಸೀಲಿಂಗ್‌ಗಳು, ಕಿಚನ್ ಸಿಂಕ್ & ಸ್ಯಾನಿಟರಿ ಐಟಂಗಳು ದೊರೆಯುತ್ತವೆ
ಮೊ : 9844035149. ಶಾಪ್ : 9008850149
ಎಸ್.ಎಸ್.ಐ.ಟಿ. ಕಾಲೇಜು ಹಿಂಭಾಗ, ವಾಲ್ಮೀಕಿ ವೃತ್ತ, ಮರಳೂರು ರಿಂಗ್ ರಸ್ತೆ, ತುಮಕೂರು.
PRINTED BY: T.S.KRISHNAMURTHY, ANJANADRI PRINTERS, 4th CROSS, VINAYAKA NAGARA, TUMAKURU-572101. KARNATAKA. PUBLISHED BY: MANJUNATHA P.N., S.L.N.BUILDING, KEMPEGOWDA ROAD, AMARAJHOTHYNAGARA, TUMKURU DISTRIKARNATAKA. OWNED BY: MANJUNATHA P.N., S.L.N.BUILDING, KEMPEGOWDA ROAD, AMARAJHOTHYNAGARA, TUMKURU DISTRICT. KARNATAKA. PRINTED AT: ANJANADRI PRINTERS, 4th CROSS, VINAYAKA NAGARA, TUMAKURU-572101. KARNATAKA. PUBLISHED AT: TUMAKURU, S.L.N.BUILDING, KEMPEGOWDA ROAD, AMARAJHOTHYNAGARA, TUMKURU DISTRICT. KARNATAKA. EDITOR: MANJUNATHA P.N, S.L.N.BUILDING, KEMPEGOWDA ROAD, AMARAJHOTHYNAGARA, TUMKURU DISTRICT. KARNATAKA.
